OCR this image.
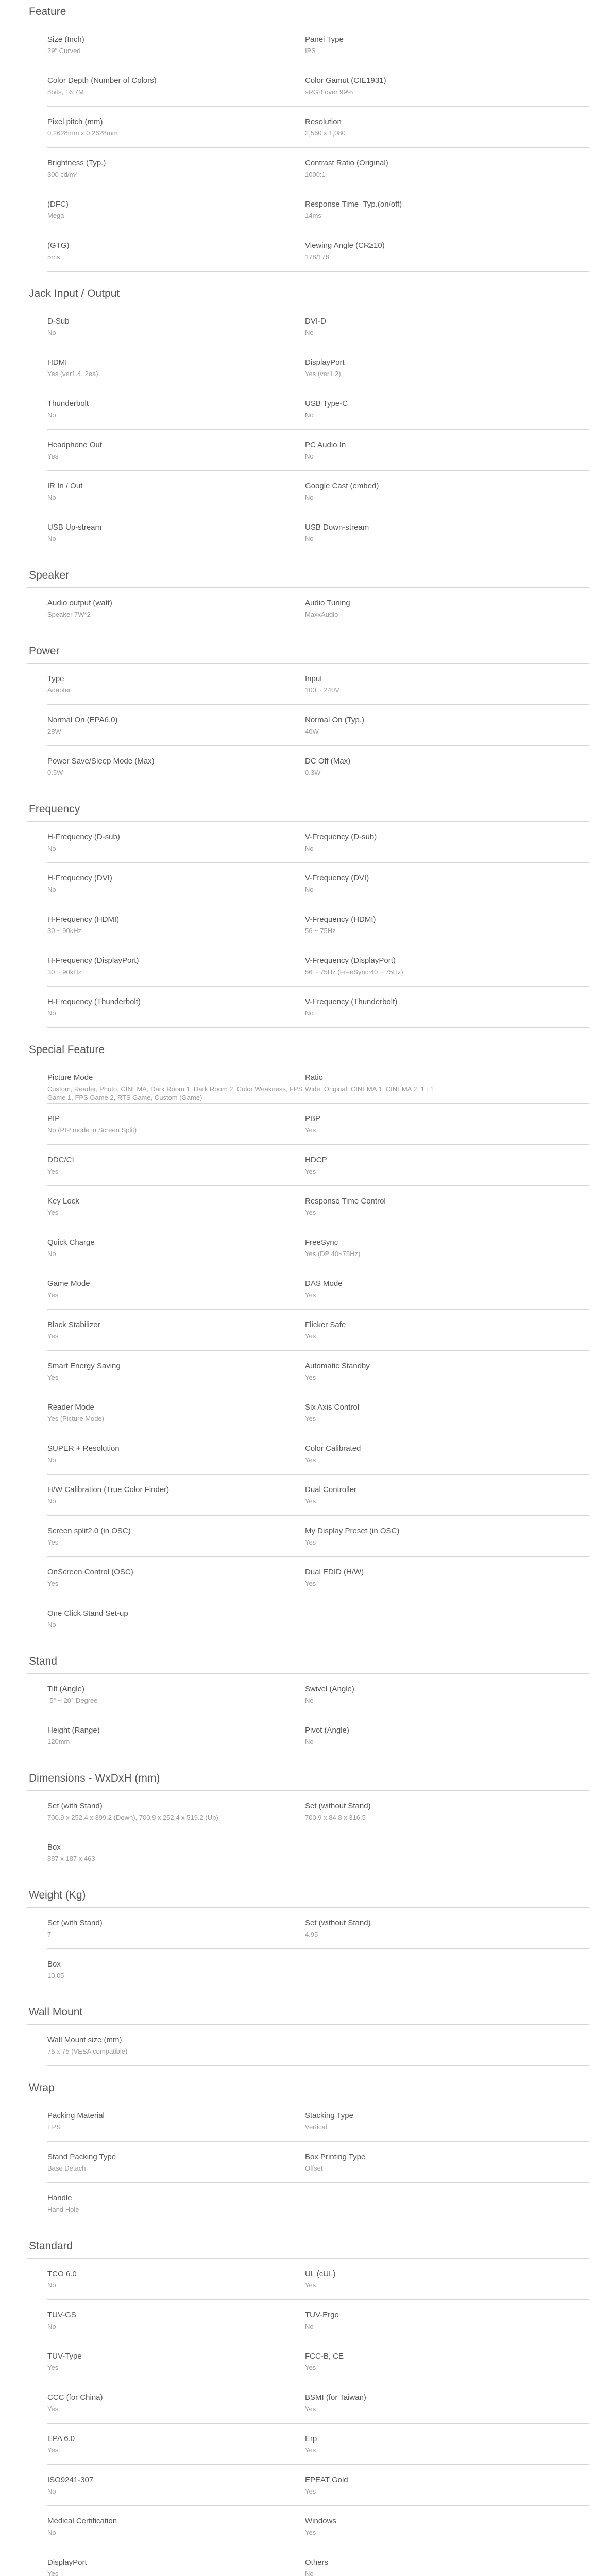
Feature
Size (Inch)
29" Curved
Panel Type
IPS
Color Depth (Number of Colors)
8bits, 16.7M
Color Gamut (CIE1931)
sRGB over 99%
Pixel pitch (mm)
0.2628mm x 0.2628mm
Resolution
2,560 x 1,080
Brightness (Typ.)
300 cd/m²
Contrast Ratio (Original)
1000:1
(DFC)
Mega
Response Time_Typ.(on/off)
14ms
(GTG)
5ms
Viewing Angle (CR≥10)
178/178
Jack Input / Output
D-Sub
No
DVI-D
No
HDMI
Yes (ver1.4, 2ea)
DisplayPort
Yes (ver1.2)
Thunderbolt
No
USB Type-C
No
Headphone Out
Yes
PC Audio In
No
IR In / Out
No
Google Cast (embed)
No
USB Up-stream
No
USB Down-stream
No
Speaker
Audio output (watt)
Speaker 7W*2
Audio Tuning
MaxxAudio
Power
Type
Adapter
Input
100 ~ 240V
Normal On (EPA6.0)
28W
Normal On (Typ.)
40W
Power Save/Sleep Mode (Max)
0.5W
DC Off (Max)
0.3W
Frequency
H-Frequency (D-sub)
No
V-Frequency (D-sub)
No
H-Frequency (DVI)
No
V-Frequency (DVI)
No
H-Frequency (HDMI)
30 ~ 90kHz
V-Frequency (HDMI)
56 ~ 75Hz
H-Frequency (DisplayPort)
30 ~ 90kHz
V-Frequency (DisplayPort)
56 ~ 75Hz (FreeSync:40 ~ 75Hz)
H-Frequency (Thunderbolt)
No
V-Frequency (Thunderbolt)
No
Special Feature
Picture Mode
Custom, Reader, Photo, CINEMA, Dark Room 1, Dark Room 2, Color Weakness, FPS Game 1, FPS Game 2, RTS Game, Custom (Game)
Ratio
Wide, Original, CINEMA 1, CINEMA 2, 1 : 1
PIP
No (PIP mode in Screen Split)
PBP
Yes
DDC/CI
Yes
HDCP
Yes
Key Lock
Yes
Response Time Control
Yes
Quick Charge
No
FreeSync
Yes (DP 40~75Hz)
Game Mode
Yes
DAS Mode
Yes
Black Stabilizer
Yes
Flicker Safe
Yes
Smart Energy Saving
Yes
Automatic Standby
Yes
Reader Mode
Yes (Picture Mode)
Six Axis Control
Yes
SUPER + Resolution
No
Color Calibrated
Yes
H/W Calibration (True Color Finder)
No
Dual Controller
Yes
Screen split2.0 (in OSC)
Yes
My Display Preset (in OSC)
Yes
OnScreen Control (OSC)
Yes
Dual EDID (H/W)
Yes
One Click Stand Set-up
No
Stand
Tilt (Angle)
-5° ~ 20° Degree
Swivel (Angle)
No
Height (Range)
120mm
Pivot (Angle)
No
Dimensions - WxDxH (mm)
Set (with Stand)
700.9 x 252.4 x 399.2 (Down), 700.9 x 252.4 x 519.2 (Up)
Set (without Stand)
700.9 x 84.8 x 316.5
Box
887 x 187 x 463
Weight (Kg)
Set (with Stand)
7
Set (without Stand)
4.95
Box
10.05
Wall Mount
Wall Mount size (mm)
75 x 75 (VESA compatible)
Wrap
Packing Material
EPS
Stacking Type
Vertical
Stand Packing Type
Base Detach
Box Printing Type
Offset
Handle
Hand Hole
Standard
TCO 6.0
No
UL (cUL)
Yes
TUV-GS
No
TUV-Ergo
No
TUV-Type
Yes
FCC-B, CE
Yes
CCC (for China)
Yes
BSMI (for Taiwan)
Yes
EPA 6.0
Yes
Erp
Yes
ISO9241-307
No
EPEAT Gold
Yes
Medical Certification
No
Windows
Yes
DisplayPort
Yes
Others
No
